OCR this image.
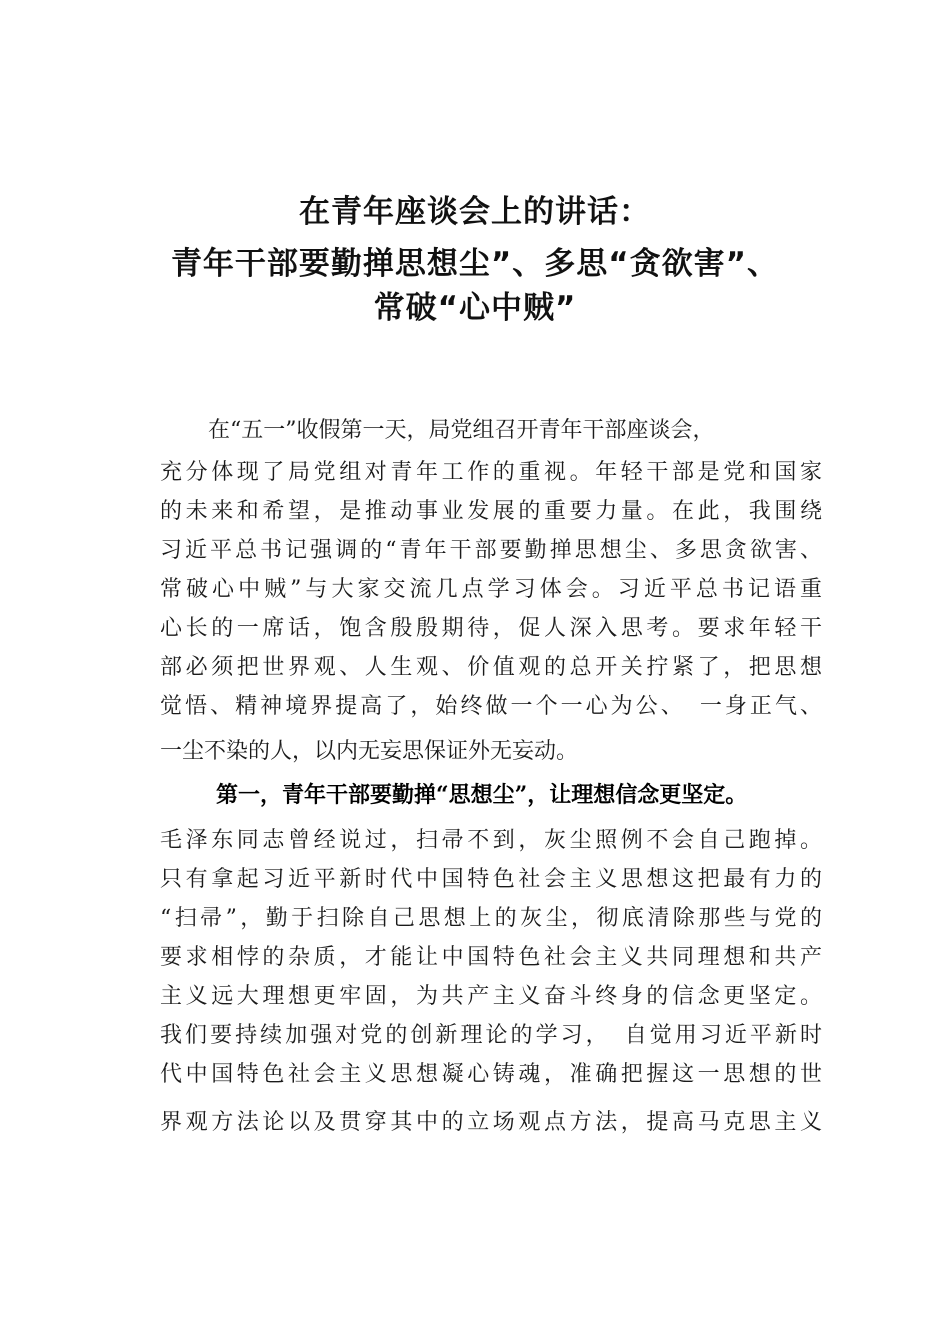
在青年座谈会上的讲话：
青年干部要勤掸思想尘”、多思“贪欲害”、
常破“心中贼”
在“五一”收假第一天，局党组召开青年干部座谈会，
充分体现了局党组对青年工作的重视。年轻干部是党和国家
的未来和希望，是推动事业发展的重要力量。在此，我围绕
习近平总书记强调的“青年干部要勤掸思想尘、多思贪欲害、
常破心中贼”与大家交流几点学习体会。习近平总书记语重
心长的一席话，饱含殷殷期待，促人深入思考。要求年轻干
部必须把世界观、人生观、价值观的总开关拧紧了，把思想
觉悟、精神境界提高了，始终做一个一心为公、　一身正气、
一尘不染的人，以内无妄思保证外无妄动。
第一，青年干部要勤掸“思想尘”，让理想信念更坚定。
毛泽东同志曾经说过，扫帚不到，灰尘照例不会自己跑掉。
只有拿起习近平新时代中国特色社会主义思想这把最有力的
“扫帚”，勤于扫除自己思想上的灰尘，彻底清除那些与党的
要求相悖的杂质，才能让中国特色社会主义共同理想和共产
主义远大理想更牢固，为共产主义奋斗终身的信念更坚定。
我们要持续加强对党的创新理论的学习，　自觉用习近平新时
代中国特色社会主义思想凝心铸魂，准确把握这一思想的世
界观方法论以及贯穿其中的立场观点方法，提高马克思主义
